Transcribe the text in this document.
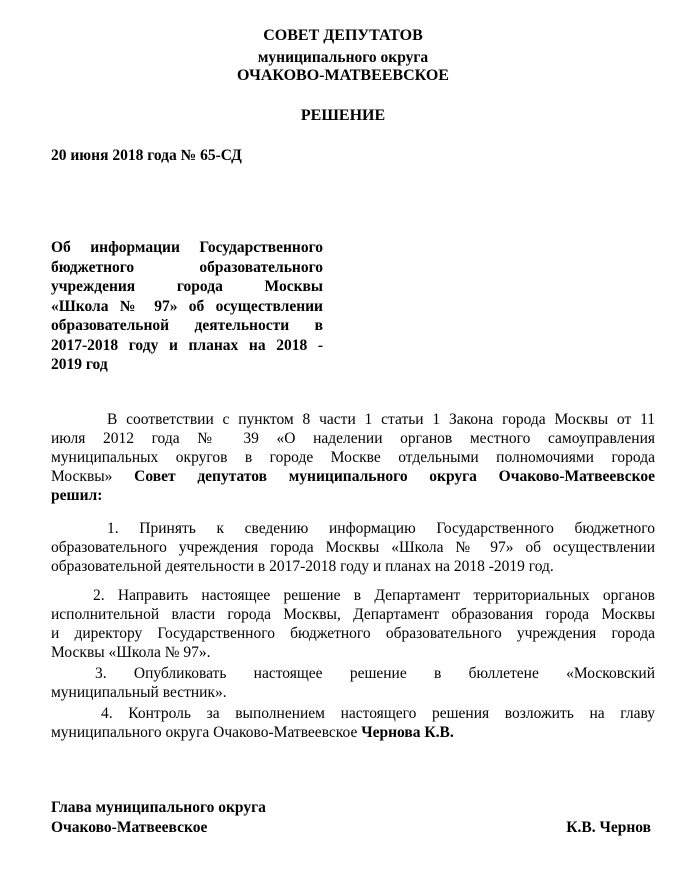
СОВЕТ ДЕПУТАТОВ
муниципального округа
ОЧАКОВО-МАТВЕЕВСКОЕ
РЕШЕНИЕ
20 июня 2018 года № 65-СД
Об информации Государственного
бюджетного образовательного
учреждения города Москвы
«Школа № 97» об осуществлении
образовательной деятельности в
2017-2018 году и планах на 2018 -
2019 год
В соответствии с пунктом 8 части 1 статьи 1 Закона города Москвы от 11
июля 2012 года № 39 «О наделении органов местного самоуправления
муниципальных округов в городе Москве отдельными полномочиями города
Москвы» Совет депутатов муниципального округа Очаково-Матвеевское
решил:
1. Принять к сведению информацию Государственного бюджетного
образовательного учреждения города Москвы «Школа № 97» об осуществлении
образовательной деятельности в 2017-2018 году и планах на 2018 -2019 год.
2. Направить настоящее решение в Департамент территориальных органов
исполнительной власти города Москвы, Департамент образования города Москвы
и директору Государственного бюджетного образовательного учреждения города
Москвы «Школа № 97».
3. Опубликовать настоящее решение в бюллетене «Московский
муниципальный вестник».
4. Контроль за выполнением настоящего решения возложить на главу
муниципального округа Очаково-Матвеевское Чернова К.В.
Глава муниципального округа
Очаково-Матвеевское	К.В. Чернов
